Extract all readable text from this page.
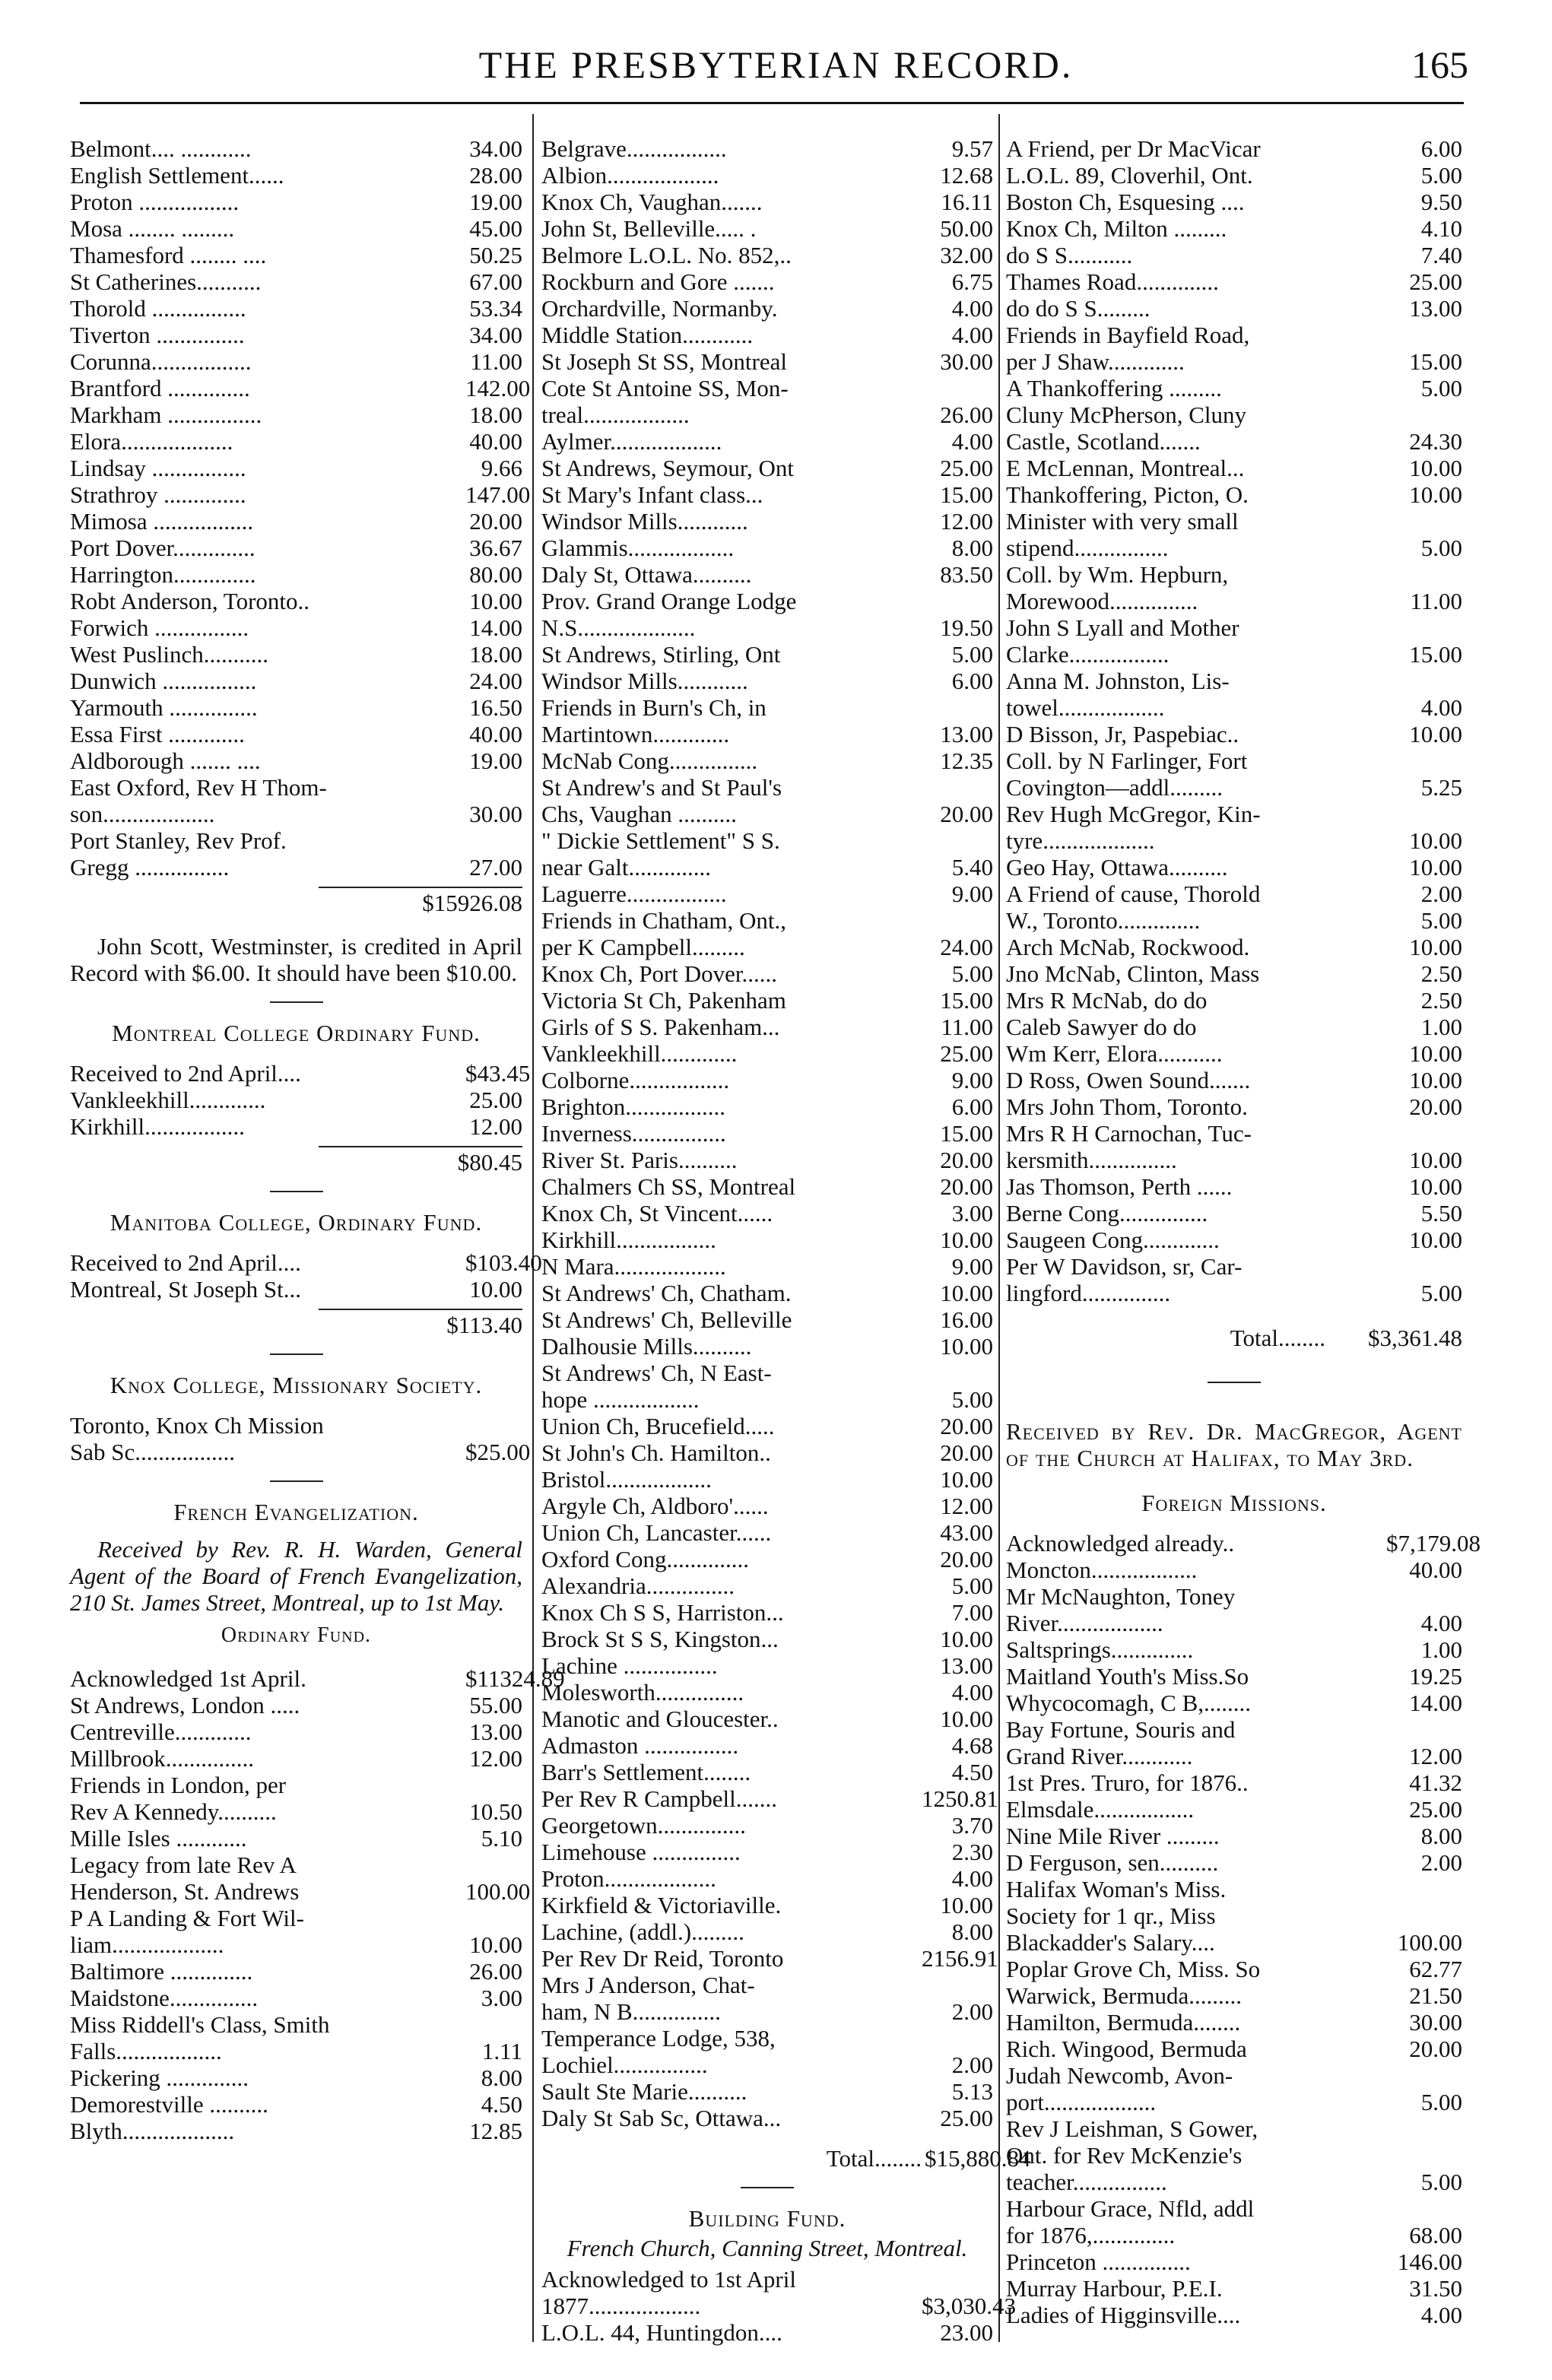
THE PRESBYTERIAN RECORD.	165
Belmont.... ............	34.00
English Settlement......	28.00
Proton .................	19.00
Mosa ........ .........	45.00
Thamesford ........ ....	50.25
St Catherines...........	67.00
Thorold ................	53.34
Tiverton ...............	34.00
Corunna.................	11.00
Brantford ..............	142.00
Markham ................	18.00
Elora...................	40.00
Lindsay ................	9.66
Strathroy ..............	147.00
Mimosa .................	20.00
Port Dover..............	36.67
Harrington..............	80.00
Robt Anderson, Toronto..	10.00
Forwich ................	14.00
West Puslinch...........	18.00
Dunwich ................	24.00
Yarmouth ...............	16.50
Essa First .............	40.00
Aldborough ....... ....	19.00
East Oxford, Rev H Thom-
son...................	30.00
Port Stanley, Rev Prof.
Gregg ................	27.00
$15926.08
John Scott, Westminster, is credited in April Record with $6.00. It should have been $10.00.
Montreal College Ordinary Fund.
Received to 2nd April....	$43.45
Vankleekhill.............	25.00
Kirkhill.................	12.00
$80.45
Manitoba College, Ordinary Fund.
Received to 2nd April....	$103.40
Montreal, St Joseph St...	10.00
$113.40
Knox College, Missionary Society.
Toronto, Knox Ch Mission
Sab Sc.................	$25.00
French Evangelization.
Received by Rev. R. H. Warden, General Agent of the Board of French Evangelization, 210 St. James Street, Montreal, up to 1st May.
Ordinary Fund.
Acknowledged 1st April.	$11324.89
St Andrews, London .....	55.00
Centreville.............	13.00
Millbrook...............	12.00
Friends in London, per
Rev A Kennedy..........	10.50
Mille Isles ............	5.10
Legacy from late Rev A
Henderson, St. Andrews	100.00
P A Landing & Fort Wil-
liam...................	10.00
Baltimore ..............	26.00
Maidstone...............	3.00
Miss Riddell's Class, Smith
Falls..................	1.11
Pickering ..............	8.00
Demorestville ..........	4.50
Blyth...................	12.85
Belgrave.................	9.57
Albion...................	12.68
Knox Ch, Vaughan.......	16.11
John St, Belleville..... .	50.00
Belmore L.O.L. No. 852,..	32.00
Rockburn and Gore .......	6.75
Orchardville, Normanby.	4.00
Middle Station............	4.00
St Joseph St SS, Montreal	30.00
Cote St Antoine SS, Mon-
treal..................	26.00
Aylmer...................	4.00
St Andrews, Seymour, Ont	25.00
St Mary's Infant class...	15.00
Windsor Mills............	12.00
Glammis..................	8.00
Daly St, Ottawa..........	83.50
Prov. Grand Orange Lodge
N.S....................	19.50
St Andrews, Stirling, Ont	5.00
Windsor Mills............	6.00
Friends in Burn's Ch, in
Martintown.............	13.00
McNab Cong...............	12.35
St Andrew's and St Paul's
Chs, Vaughan ..........	20.00
" Dickie Settlement" S S.
near Galt..............	5.40
Laguerre.................	9.00
Friends in Chatham, Ont.,
per K Campbell.........	24.00
Knox Ch, Port Dover......	5.00
Victoria St Ch, Pakenham	15.00
Girls of S S. Pakenham...	11.00
Vankleekhill.............	25.00
Colborne.................	9.00
Brighton.................	6.00
Inverness................	15.00
River St. Paris..........	20.00
Chalmers Ch SS, Montreal	20.00
Knox Ch, St Vincent......	3.00
Kirkhill.................	10.00
N Mara...................	9.00
St Andrews' Ch, Chatham.	10.00
St Andrews' Ch, Belleville	16.00
Dalhousie Mills..........	10.00
St Andrews' Ch, N East-
hope ..................	5.00
Union Ch, Brucefield.....	20.00
St John's Ch. Hamilton..	20.00
Bristol..................	10.00
Argyle Ch, Aldboro'......	12.00
Union Ch, Lancaster......	43.00
Oxford Cong..............	20.00
Alexandria...............	5.00
Knox Ch S S, Harriston...	7.00
Brock St S S, Kingston...	10.00
Lachine ................	13.00
Molesworth...............	4.00
Manotic and Gloucester..	10.00
Admaston ................	4.68
Barr's Settlement........	4.50
Per Rev R Campbell.......	1250.81
Georgetown...............	3.70
Limehouse ...............	2.30
Proton...................	4.00
Kirkfield & Victoriaville.	10.00
Lachine, (addl.).........	8.00
Per Rev Dr Reid, Toronto	2156.91
Mrs J Anderson, Chat-
ham, N B...............	2.00
Temperance Lodge, 538,
Lochiel................	2.00
Sault Ste Marie..........	5.13
Daly St Sab Sc, Ottawa...	25.00
Total........ $15,880.84
Building Fund.
French Church, Canning Street, Montreal.
Acknowledged to 1st April
1877...................	$3,030.43
L.O.L. 44, Huntingdon....	23.00
A Friend, per Dr MacVicar	6.00
L.O.L. 89, Cloverhil, Ont.	5.00
Boston Ch, Esquesing ....	9.50
Knox Ch, Milton .........	4.10
do S S...........	7.40
Thames Road..............	25.00
do do S S.........	13.00
Friends in Bayfield Road,
per J Shaw.............	15.00
A Thankoffering .........	5.00
Cluny McPherson, Cluny
Castle, Scotland.......	24.30
E McLennan, Montreal...	10.00
Thankoffering, Picton, O.	10.00
Minister with very small
stipend................	5.00
Coll. by Wm. Hepburn,
Morewood...............	11.00
John S Lyall and Mother
Clarke.................	15.00
Anna M. Johnston, Lis-
towel..................	4.00
D Bisson, Jr, Paspebiac..	10.00
Coll. by N Farlinger, Fort
Covington—addl.........	5.25
Rev Hugh McGregor, Kin-
tyre...................	10.00
Geo Hay, Ottawa..........	10.00
A Friend of cause, Thorold	2.00
W., Toronto..............	5.00
Arch McNab, Rockwood.	10.00
Jno McNab, Clinton, Mass	2.50
Mrs R McNab, do do	2.50
Caleb Sawyer do do	1.00
Wm Kerr, Elora...........	10.00
D Ross, Owen Sound.......	10.00
Mrs John Thom, Toronto.	20.00
Mrs R H Carnochan, Tuc-
kersmith...............	10.00
Jas Thomson, Perth ......	10.00
Berne Cong...............	5.50
Saugeen Cong.............	10.00
Per W Davidson, sr, Car-
lingford...............	5.00
Total........	$3,361.48
Received by Rev. Dr. MacGregor, Agent of the Church at Halifax, to May 3rd.
Foreign Missions.
Acknowledged already..	$7,179.08
Moncton..................	40.00
Mr McNaughton, Toney
River..................	4.00
Saltsprings..............	1.00
Maitland Youth's Miss.So	19.25
Whycocomagh, C B,........	14.00
Bay Fortune, Souris and
Grand River............	12.00
1st Pres. Truro, for 1876..	41.32
Elmsdale.................	25.00
Nine Mile River .........	8.00
D Ferguson, sen..........	2.00
Halifax Woman's Miss.
Society for 1 qr., Miss
Blackadder's Salary....	100.00
Poplar Grove Ch, Miss. So	62.77
Warwick, Bermuda.........	21.50
Hamilton, Bermuda........	30.00
Rich. Wingood, Bermuda	20.00
Judah Newcomb, Avon-
port...................	5.00
Rev J Leishman, S Gower,
Ont. for Rev McKenzie's
teacher................	5.00
Harbour Grace, Nfld, addl
for 1876,..............	68.00
Princeton ...............	146.00
Murray Harbour, P.E.I.	31.50
Ladies of Higginsville....	4.00
